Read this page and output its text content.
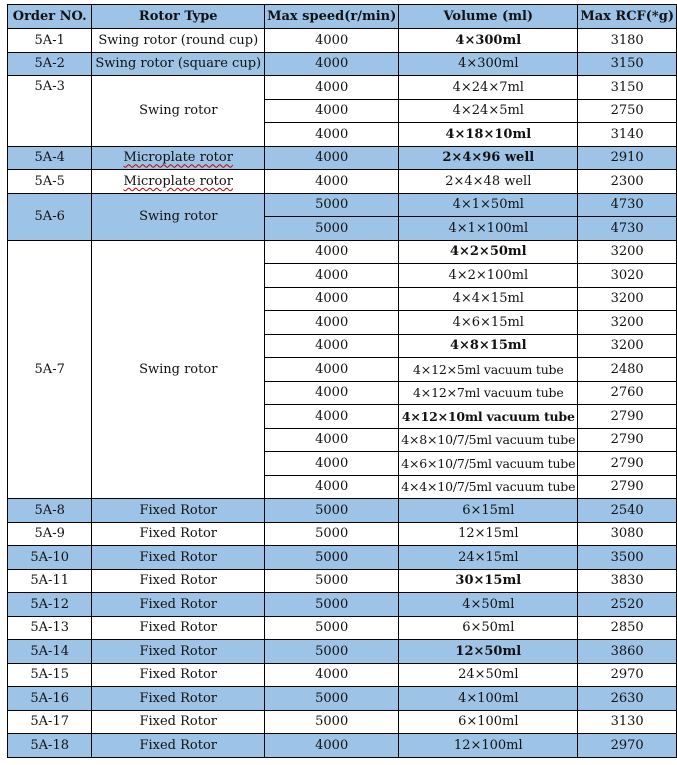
Order NO.	Rotor Type	Max speed(r/min)	Volume (ml)	Max RCF(*g)
5A-1	Swing rotor (round cup)	4000	4×300ml	3180
5A-2	Swing rotor (square cup)	4000	4×300ml	3150
5A-3	Swing rotor	4000	4×24×7ml	3150
		4000	4×24×5ml	2750
		4000	4×18×10ml	3140
5A-4	Microplate rotor	4000	2×4×96 well	2910
5A-5	Microplate rotor	4000	2×4×48 well	2300
5A-6	Swing rotor	5000	4×1×50ml	4730
		5000	4×1×100ml	4730
5A-7	Swing rotor	4000	4×2×50ml	3200
		4000	4×2×100ml	3020
		4000	4×4×15ml	3200
		4000	4×6×15ml	3200
		4000	4×8×15ml	3200
		4000	4×12×5ml vacuum tube	2480
		4000	4×12×7ml vacuum tube	2760
		4000	4×12×10ml vacuum tube	2790
		4000	4×8×10/7/5ml vacuum tube	2790
		4000	4×6×10/7/5ml vacuum tube	2790
		4000	4×4×10/7/5ml vacuum tube	2790
5A-8	Fixed Rotor	5000	6×15ml	2540
5A-9	Fixed Rotor	5000	12×15ml	3080
5A-10	Fixed Rotor	5000	24×15ml	3500
5A-11	Fixed Rotor	5000	30×15ml	3830
5A-12	Fixed Rotor	5000	4×50ml	2520
5A-13	Fixed Rotor	5000	6×50ml	2850
5A-14	Fixed Rotor	5000	12×50ml	3860
5A-15	Fixed Rotor	4000	24×50ml	2970
5A-16	Fixed Rotor	5000	4×100ml	2630
5A-17	Fixed Rotor	5000	6×100ml	3130
5A-18	Fixed Rotor	4000	12×100ml	2970
